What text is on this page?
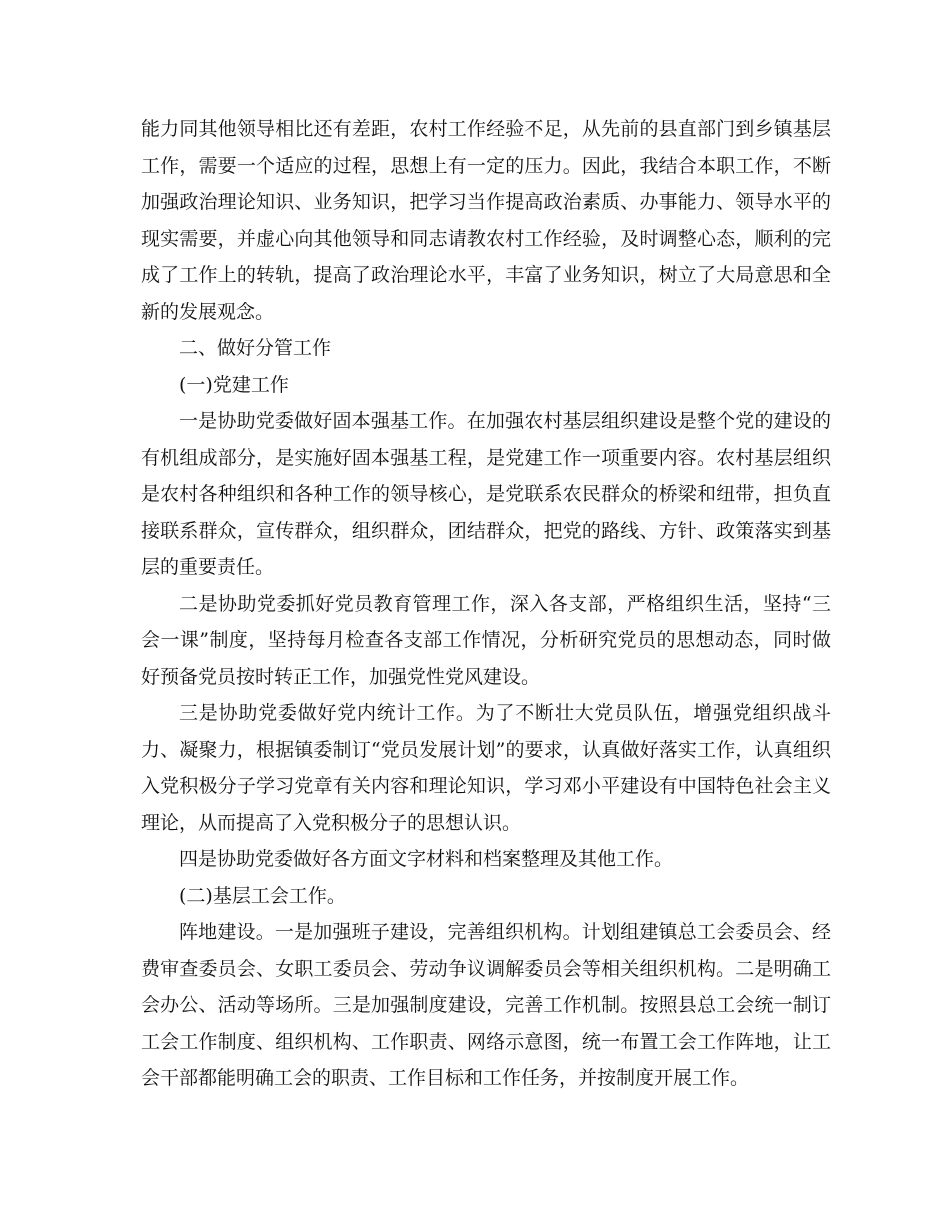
能力同其他领导相比还有差距，农村工作经验不足，从先前的县直部门到乡镇基层工作，需要一个适应的过程，思想上有一定的压力。因此，我结合本职工作，不断加强政治理论知识、业务知识，把学习当作提高政治素质、办事能力、领导水平的现实需要，并虚心向其他领导和同志请教农村工作经验，及时调整心态，顺利的完成了工作上的转轨，提高了政治理论水平，丰富了业务知识，树立了大局意思和全新的发展观念。

二、做好分管工作

(一)党建工作

一是协助党委做好固本强基工作。在加强农村基层组织建设是整个党的建设的有机组成部分，是实施好固本强基工程，是党建工作一项重要内容。农村基层组织是农村各种组织和各种工作的领导核心，是党联系农民群众的桥梁和纽带，担负直接联系群众，宣传群众，组织群众，团结群众，把党的路线、方针、政策落实到基层的重要责任。

二是协助党委抓好党员教育管理工作，深入各支部，严格组织生活，坚持“三会一课”制度，坚持每月检查各支部工作情况，分析研究党员的思想动态，同时做好预备党员按时转正工作，加强党性党风建设。

三是协助党委做好党内统计工作。为了不断壮大党员队伍，增强党组织战斗力、凝聚力，根据镇委制订“党员发展计划”的要求，认真做好落实工作，认真组织入党积极分子学习党章有关内容和理论知识，学习邓小平建设有中国特色社会主义理论，从而提高了入党积极分子的思想认识。

四是协助党委做好各方面文字材料和档案整理及其他工作。

(二)基层工会工作。

阵地建设。一是加强班子建设，完善组织机构。计划组建镇总工会委员会、经费审查委员会、女职工委员会、劳动争议调解委员会等相关组织机构。二是明确工会办公、活动等场所。三是加强制度建设，完善工作机制。按照县总工会统一制订工会工作制度、组织机构、工作职责、网络示意图，统一布置工会工作阵地，让工会干部都能明确工会的职责、工作目标和工作任务，并按制度开展工作。
